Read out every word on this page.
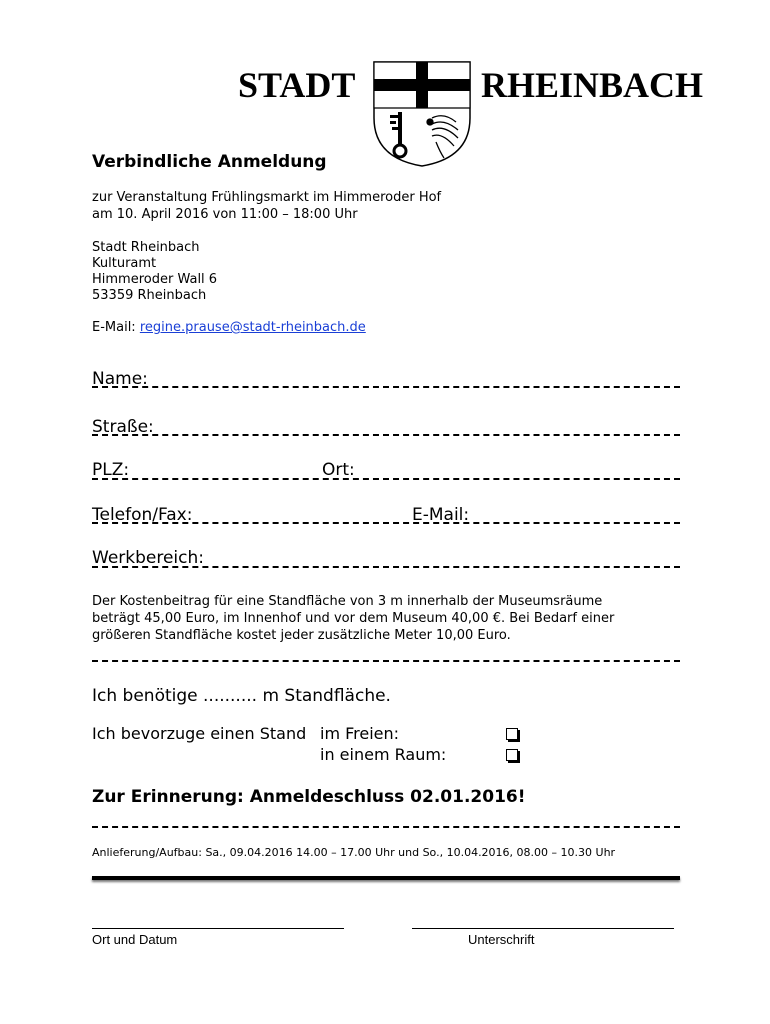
STADT	RHEINBACH
Verbindliche Anmeldung
zur Veranstaltung Frühlingsmarkt im Himmeroder Hof
am 10. April 2016 von 11:00 – 18:00 Uhr
Stadt Rheinbach
Kulturamt
Himmeroder Wall 6
53359 Rheinbach
E-Mail: regine.prause@stadt-rheinbach.de
Name:
Straße:
PLZ:	Ort:
Telefon/Fax:	E-Mail:
Werkbereich:
Der Kostenbeitrag für eine Standfläche von 3 m innerhalb der Museumsräume
beträgt 45,00 Euro, im Innenhof und vor dem Museum 40,00 €. Bei Bedarf einer
größeren Standfläche kostet jeder zusätzliche Meter 10,00 Euro.
Ich benötige .......... m Standfläche.
Ich bevorzuge einen Stand im Freien:
in einem Raum:
Zur Erinnerung: Anmeldeschluss 02.01.2016!
Anlieferung/Aufbau: Sa., 09.04.2016 14.00 – 17.00 Uhr und So., 10.04.2016, 08.00 – 10.30 Uhr
Ort und Datum	Unterschrift
